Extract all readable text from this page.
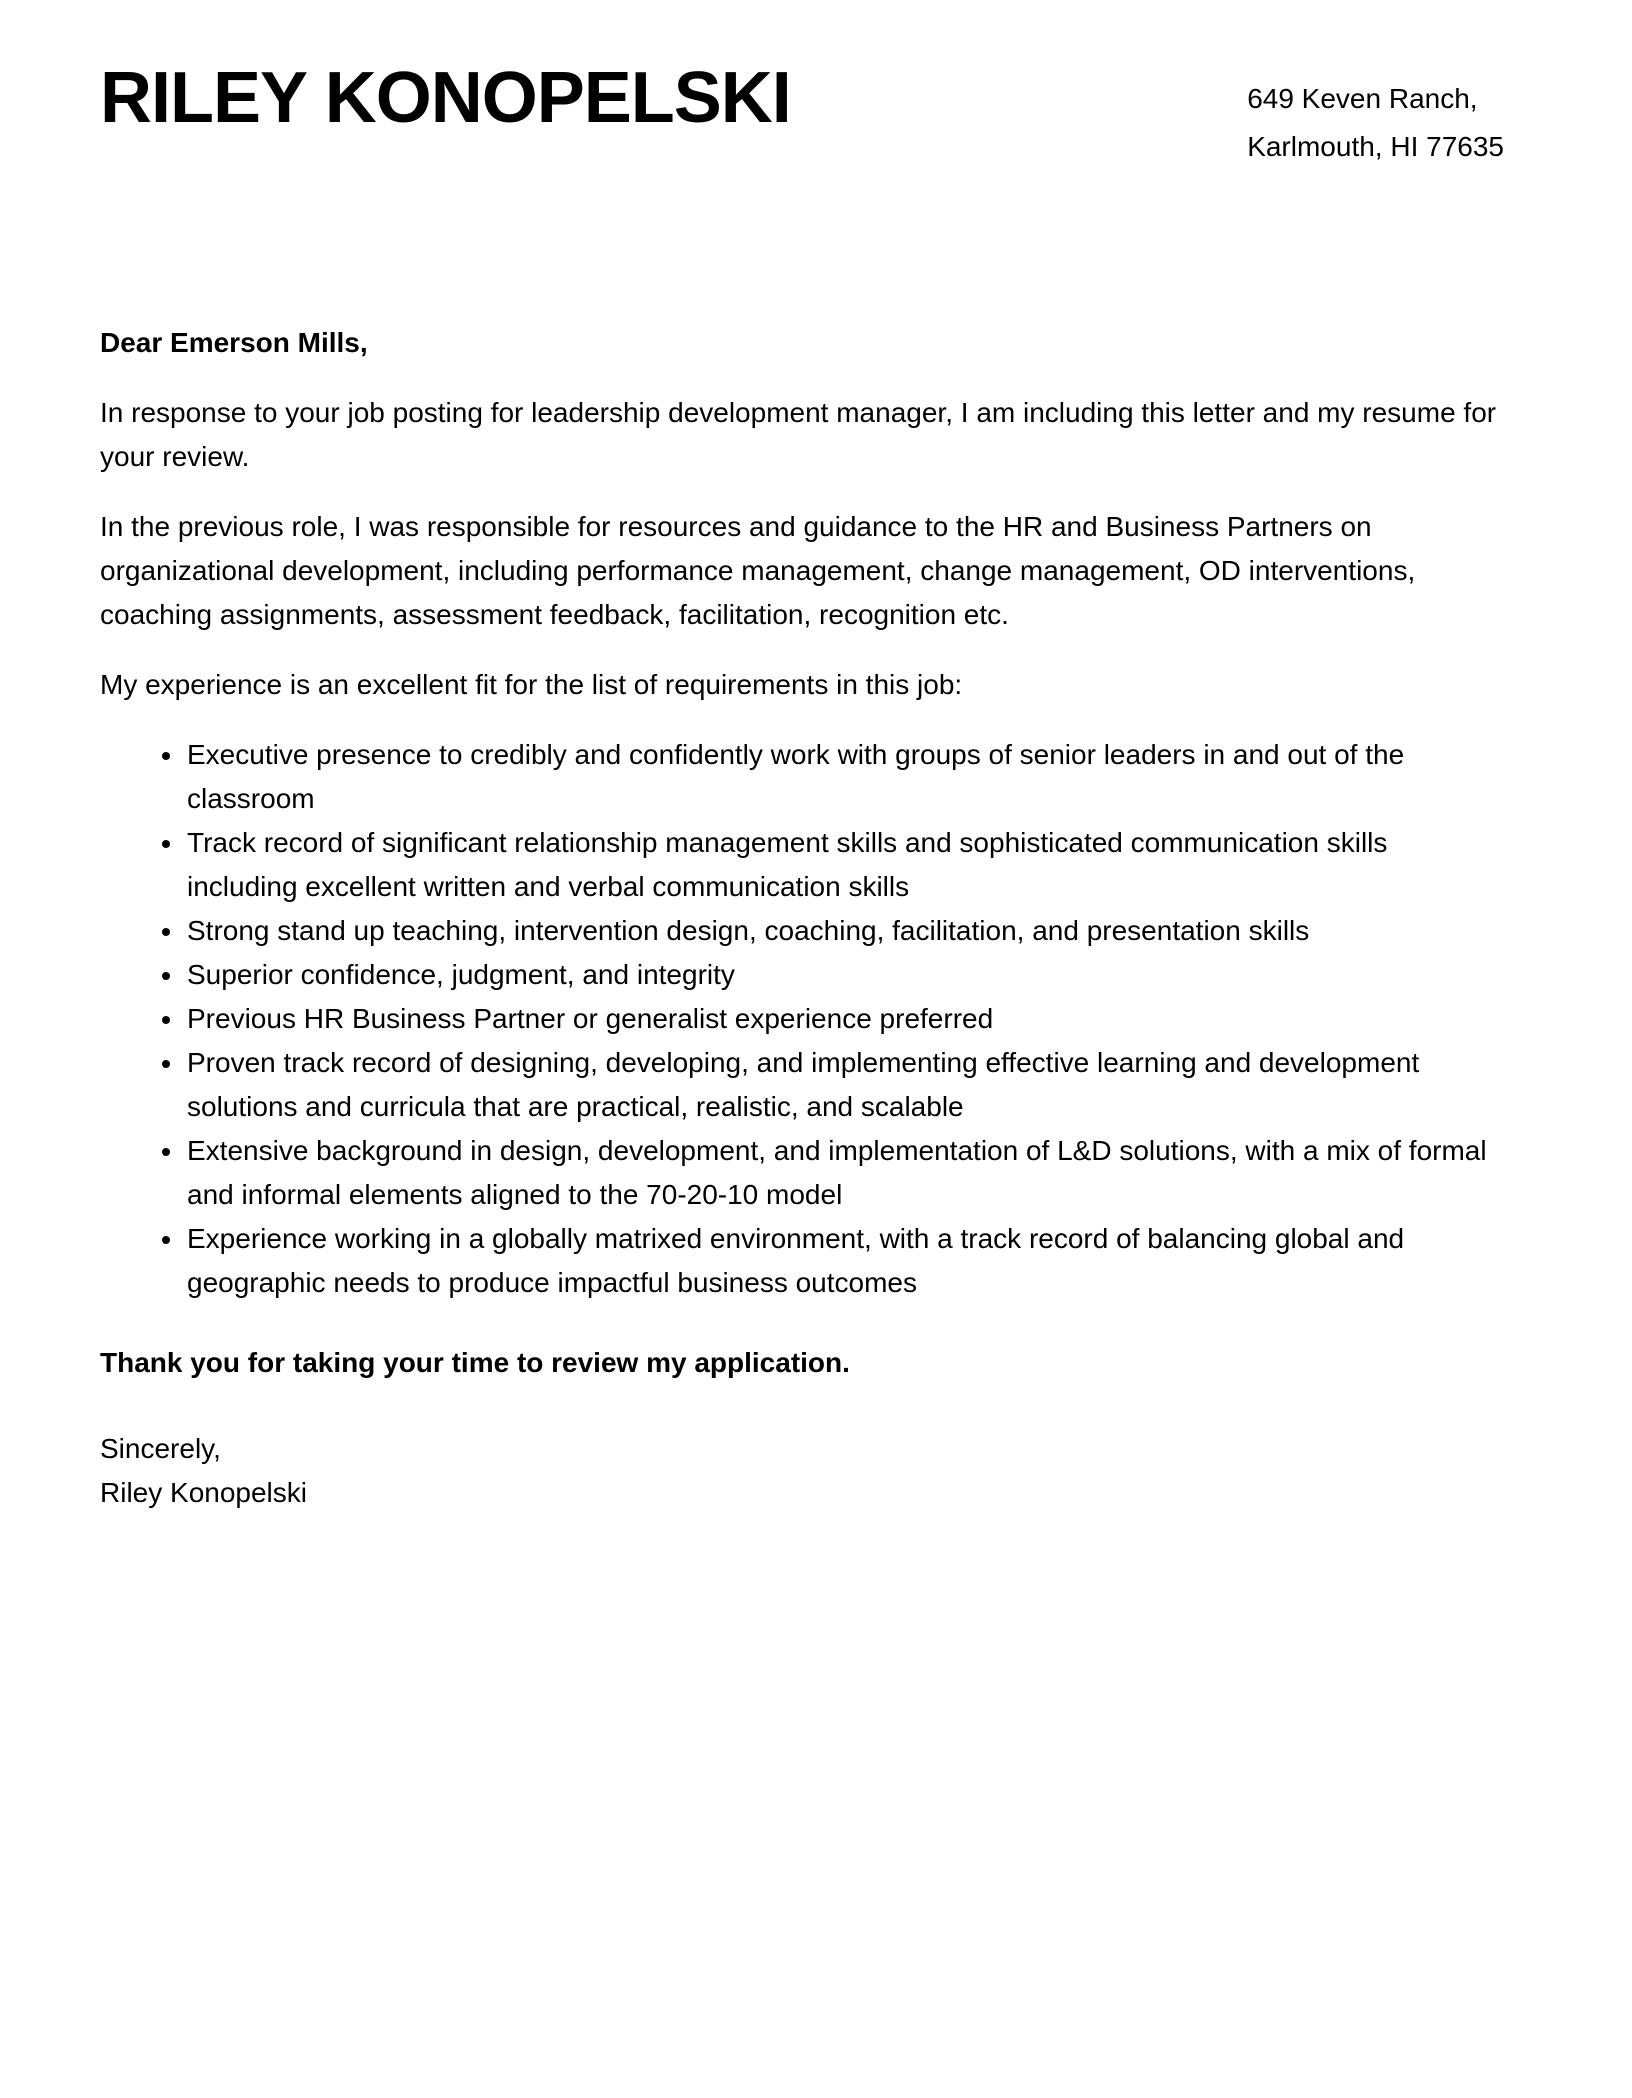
RILEY KONOPELSKI	649 Keven Ranch,
Karlmouth, HI 77635

Dear Emerson Mills,

In response to your job posting for leadership development manager, I am including this letter and my resume for your review.

In the previous role, I was responsible for resources and guidance to the HR and Business Partners on organizational development, including performance management, change management, OD interventions, coaching assignments, assessment feedback, facilitation, recognition etc.

My experience is an excellent fit for the list of requirements in this job:

• Executive presence to credibly and confidently work with groups of senior leaders in and out of the classroom
• Track record of significant relationship management skills and sophisticated communication skills including excellent written and verbal communication skills
• Strong stand up teaching, intervention design, coaching, facilitation, and presentation skills
• Superior confidence, judgment, and integrity
• Previous HR Business Partner or generalist experience preferred
• Proven track record of designing, developing, and implementing effective learning and development solutions and curricula that are practical, realistic, and scalable
• Extensive background in design, development, and implementation of L&D solutions, with a mix of formal and informal elements aligned to the 70-20-10 model
• Experience working in a globally matrixed environment, with a track record of balancing global and geographic needs to produce impactful business outcomes

Thank you for taking your time to review my application.

Sincerely,
Riley Konopelski
